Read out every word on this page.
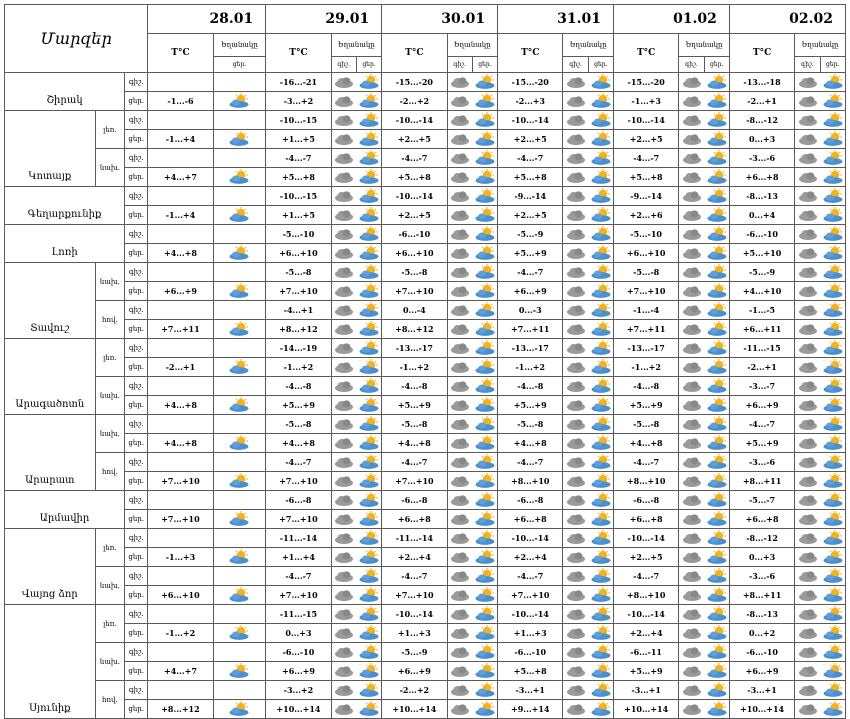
Մարզեր			28.01		29.01			30.01			31.01			01.02			02.02		
			T°C	Եղանակը	T°C	Եղանակը		T°C	Եղանակը		T°C	Եղանակը		T°C	Եղանակը		T°C	Եղանակը	
				ցեր.		գիշ.	ցեր.		գիշ.	ցեր.		գիշ.	ցեր.		գիշ.	ցեր.		գիշ.	ցեր.
Շիրակ		գիշ.			-16...-21			-15...-20			-15...-20			-15...-20			-13...-18	

		ցեր.	-1...-6		-3...+2			-2...+2			-2...+3			-1...+3			-2...+1	

Կոտայք	լեռ.	գիշ.			-10...-15			-10...-14			-10...-14			-10...-14			-8...-12	

		ցեր.	-1...+4		+1...+5			+2...+5			+2...+5			+2...+5			0...+3	

	նախ.	գիշ.			-4...-7			-4...-7			-4...-7			-4...-7			-3...-6	

		ցեր.	+4...+7		+5...+8			+5...+8			+5...+8			+5...+8			+6...+8	

Գեղարքունիք		գիշ.			-10...-15			-10...-14			-9...-14			-9...-14			-8...-13	

		ցեր.	-1...+4		+1...+5			+2...+5			+2...+5			+2...+6			0...+4	

Լոռի		գիշ.			-5...-10			-6...-10			-5...-9			-5...-10			-6...-10	

		ցեր.	+4...+8		+6...+10			+6...+10			+5...+9			+6...+10			+5...+10	

Տավուշ	նախ.	գիշ.			-5...-8			-5...-8			-4...-7			-5...-8			-5...-9	

		ցեր.	+6...+9		+7...+10			+7...+10			+6...+9			+7...+10			+4...+10	

	հով.	գիշ.			-4...+1			0...-4			0...-3			-1...-4			-1...-5	

		ցեր.	+7...+11		+8...+12			+8...+12			+7...+11			+7...+11			+6...+11	

Արագածոտն	լեռ.	գիշ.			-14...-19			-13...-17			-13...-17			-13...-17			-11...-15	

		ցեր.	-2...+1		-1...+2			-1...+2			-1...+2			-1...+2			-2...+1	

	նախ.	գիշ.			-4...-8			-4...-8			-4...-8			-4...-8			-3...-7	

		ցեր.	+4...+8		+5...+9			+5...+9			+5...+9			+5...+9			+6...+9	

Արարատ	նախ.	գիշ.			-5...-8			-5...-8			-5...-8			-5...-8			-4...-7	

		ցեր.	+4...+8		+4...+8			+4...+8			+4...+8			+4...+8			+5...+9	

	հով.	գիշ.			-4...-7			-4...-7			-4...-7			-4...-7			-3...-6	

		ցեր.	+7...+10		+7...+10			+7...+10			+8...+10			+8...+10			+8...+11	

Արմավիր		գիշ.			-6...-8			-6...-8			-6...-8			-6...-8			-5...-7	

		ցեր.	+7...+10		+7...+10			+6...+8			+6...+8			+6...+8			+6...+8	

Վայոց ձոր	լեռ.	գիշ.			-11...-14			-11...-14			-10...-14			-10...-14			-8...-12	

		ցեր.	-1...+3		+1...+4			+2...+4			+2...+4			+2...+5			0...+3	

	նախ.	գիշ.			-4...-7			-4...-7			-4...-7			-4...-7			-3...-6	

		ցեր.	+6...+10		+7...+10			+7...+10			+7...+10			+8...+10			+8...+11	

Սյունիք	լեռ.	գիշ.			-11...-15			-10...-14			-10...-14			-10...-14			-8...-13	

		ցեր.	-1...+2		0...+3			+1...+3			+1...+3			+2...+4			0...+2	

	նախ.	գիշ.			-6...-10			-5...-9			-6...-10			-6...-11			-6...-10	

		ցեր.	+4...+7		+6...+9			+6...+9			+5...+8			+5...+9			+6...+9	

	հով.	գիշ.			-3...+2			-2...+2			-3...+1			-3...+1			-3...+1	

		ցեր.	+8...+12		+10...+14			+10...+14			+9...+14			+10...+14			+10...+14	
